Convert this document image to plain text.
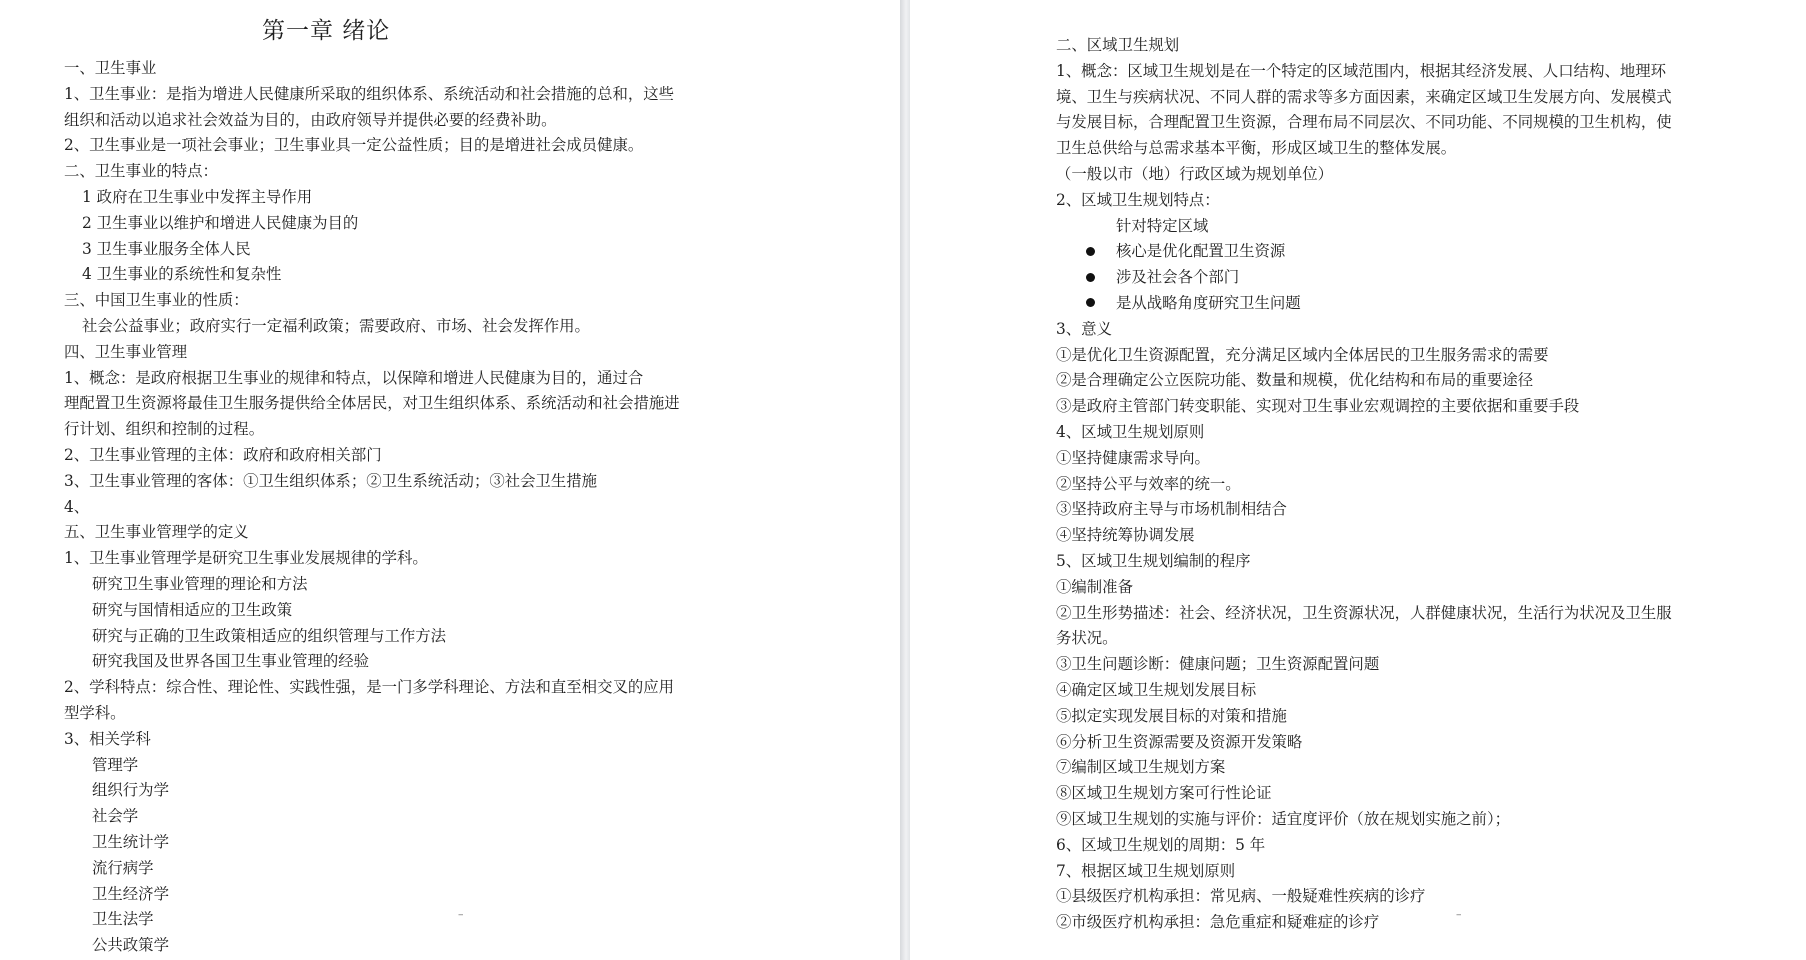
第一章 绪论
一、卫生事业
1、卫生事业：是指为增进人民健康所采取的组织体系、系统活动和社会措施的总和，这些
组织和活动以追求社会效益为目的，由政府领导并提供必要的经费补助。
2、卫生事业是一项社会事业；卫生事业具一定公益性质；目的是增进社会成员健康。
二、卫生事业的特点：
1 政府在卫生事业中发挥主导作用
2 卫生事业以维护和增进人民健康为目的
3 卫生事业服务全体人民
4 卫生事业的系统性和复杂性
三、中国卫生事业的性质：
社会公益事业；政府实行一定福利政策；需要政府、市场、社会发挥作用。
四、卫生事业管理
1、概念：是政府根据卫生事业的规律和特点，以保障和增进人民健康为目的，通过合
理配置卫生资源将最佳卫生服务提供给全体居民，对卫生组织体系、系统活动和社会措施进
行计划、组织和控制的过程。
2、卫生事业管理的主体：政府和政府相关部门
3、卫生事业管理的客体：①卫生组织体系；②卫生系统活动；③社会卫生措施
4、
五、卫生事业管理学的定义
1、卫生事业管理学是研究卫生事业发展规律的学科。
研究卫生事业管理的理论和方法
研究与国情相适应的卫生政策
研究与正确的卫生政策相适应的组织管理与工作方法
研究我国及世界各国卫生事业管理的经验
2、学科特点：综合性、理论性、实践性强，是一门多学科理论、方法和直至相交叉的应用
型学科。
3、相关学科
管理学
组织行为学
社会学
卫生统计学
流行病学
卫生经济学
卫生法学
公共政策学
–
二、区域卫生规划
1、概念：区域卫生规划是在一个特定的区域范围内，根据其经济发展、人口结构、地理环
境、卫生与疾病状况、不同人群的需求等多方面因素，来确定区域卫生发展方向、发展模式
与发展目标，合理配置卫生资源，合理布局不同层次、不同功能、不同规模的卫生机构，使
卫生总供给与总需求基本平衡，形成区域卫生的整体发展。
（一般以市（地）行政区域为规划单位）
2、区域卫生规划特点：
针对特定区域
核心是优化配置卫生资源
涉及社会各个部门
是从战略角度研究卫生问题
3、意义
①是优化卫生资源配置，充分满足区域内全体居民的卫生服务需求的需要
②是合理确定公立医院功能、数量和规模，优化结构和布局的重要途径
③是政府主管部门转变职能、实现对卫生事业宏观调控的主要依据和重要手段
4、区域卫生规划原则
①坚持健康需求导向。
②坚持公平与效率的统一。
③坚持政府主导与市场机制相结合
④坚持统筹协调发展
5、区域卫生规划编制的程序
①编制准备
②卫生形势描述：社会、经济状况，卫生资源状况，人群健康状况，生活行为状况及卫生服
务状况。
③卫生问题诊断：健康问题；卫生资源配置问题
④确定区域卫生规划发展目标
⑤拟定实现发展目标的对策和措施
⑥分析卫生资源需要及资源开发策略
⑦编制区域卫生规划方案
⑧区域卫生规划方案可行性论证
⑨区域卫生规划的实施与评价：适宜度评价（放在规划实施之前）；
6、区域卫生规划的周期：5 年
7、根据区域卫生规划原则
①县级医疗机构承担：常见病、一般疑难性疾病的诊疗
②市级医疗机构承担：急危重症和疑难症的诊疗	–
